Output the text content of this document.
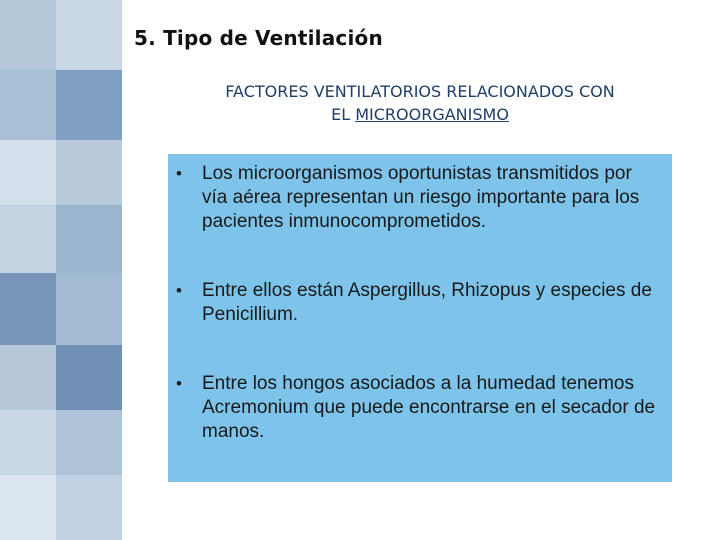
5. Tipo de Ventilación

FACTORES VENTILATORIOS RELACIONADOS CON
EL MICROORGANISMO

• Los microorganismos oportunistas transmitidos por vía aérea representan un riesgo importante para los pacientes inmunocomprometidos.
• Entre ellos están Aspergillus, Rhizopus y especies de Penicillium.
• Entre los hongos asociados a la humedad tenemos Acremonium que puede encontrarse en el secador de manos.
